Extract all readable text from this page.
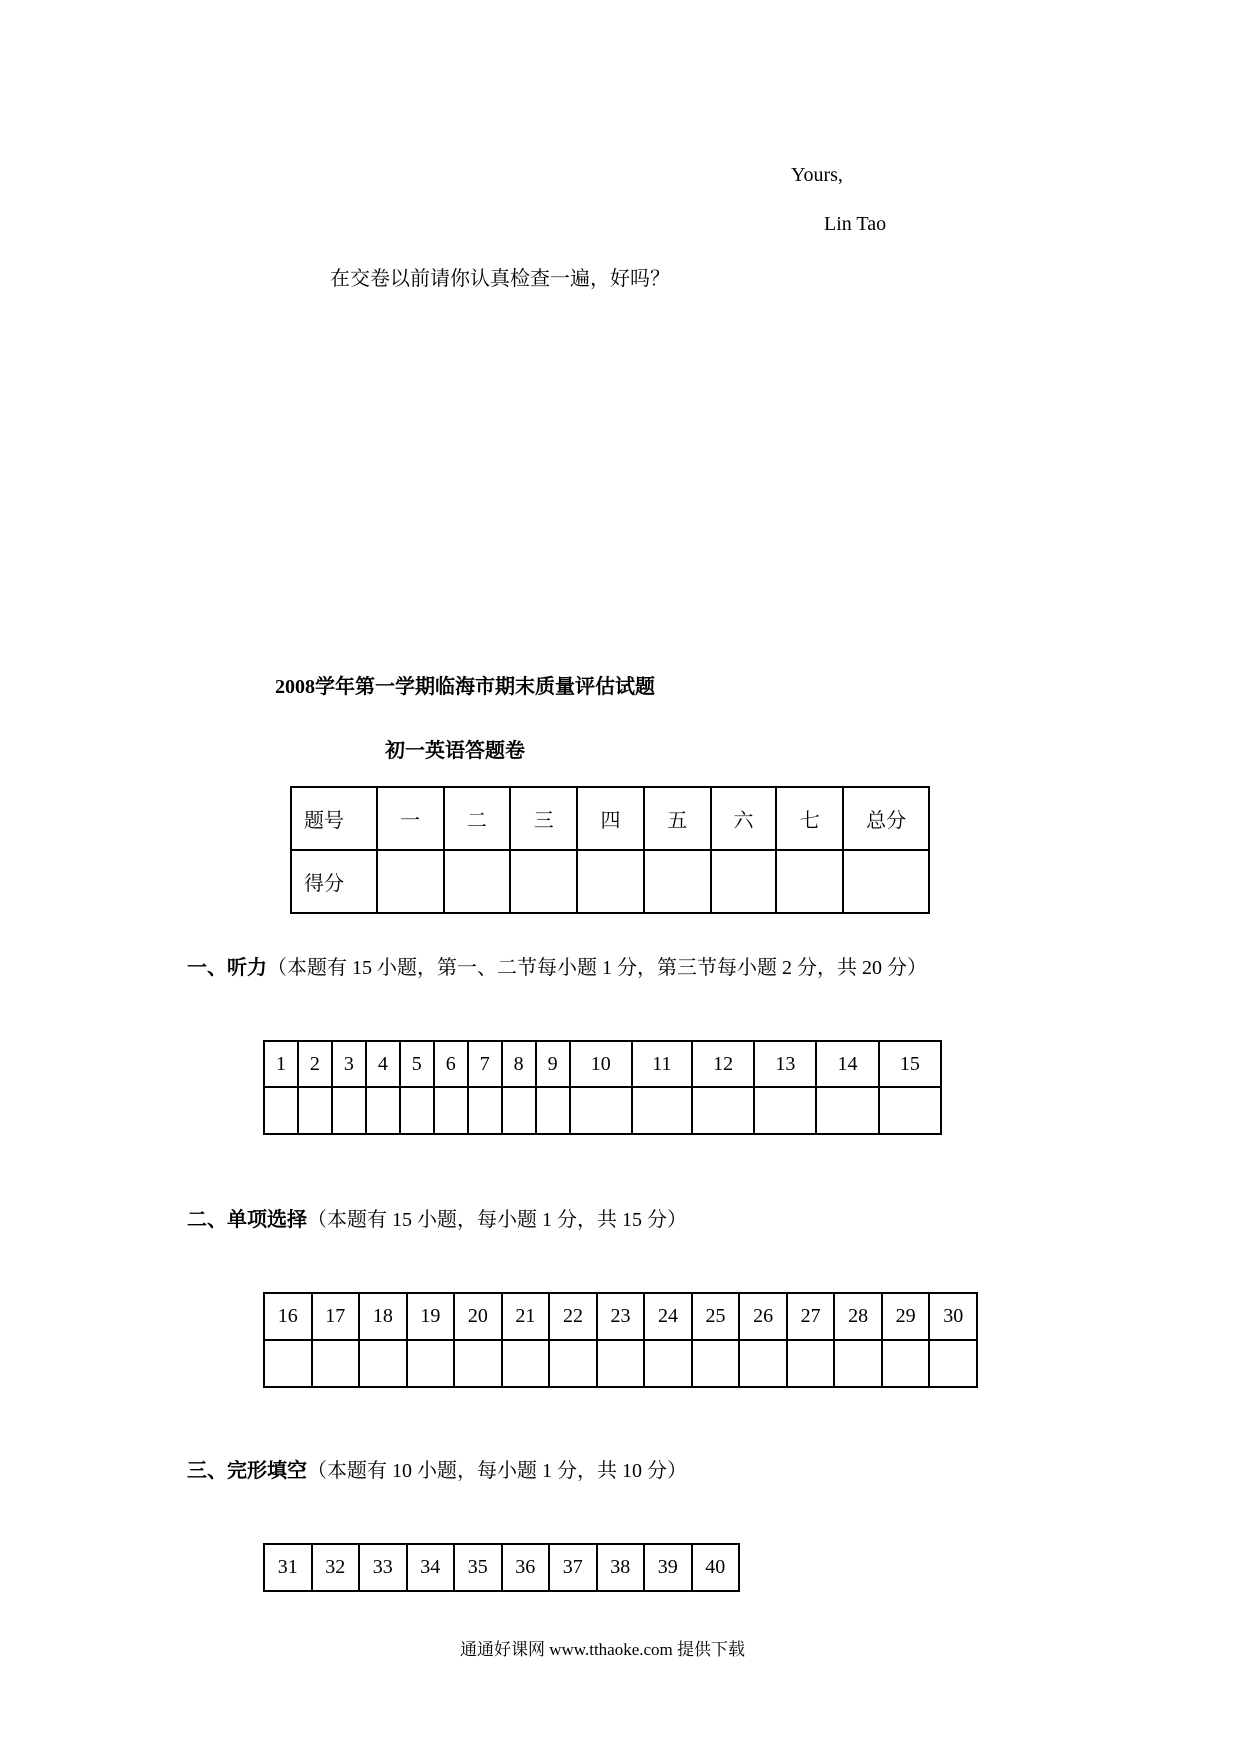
Yours,
Lin Tao
在交卷以前请你认真检查一遍，好吗？
2008学年第一学期临海市期末质量评估试题
初一英语答题卷
题号	一	二	三	四	五	六	七	总分
得分								
一、听力（本题有 15 小题，第一、二节每小题 1 分，第三节每小题 2 分，共 20 分）
1	2	3	4	5	6	7	8	9	10	11	12	13	14	15

二、单项选择（本题有 15 小题，每小题 1 分，共 15 分）
16	17	18	19	20	21	22	23	24	25	26	27	28	29	30

三、完形填空（本题有 10 小题，每小题 1 分，共 10 分）
31	32	33	34	35	36	37	38	39	40
通通好课网 www.tthaoke.com 提供下载
